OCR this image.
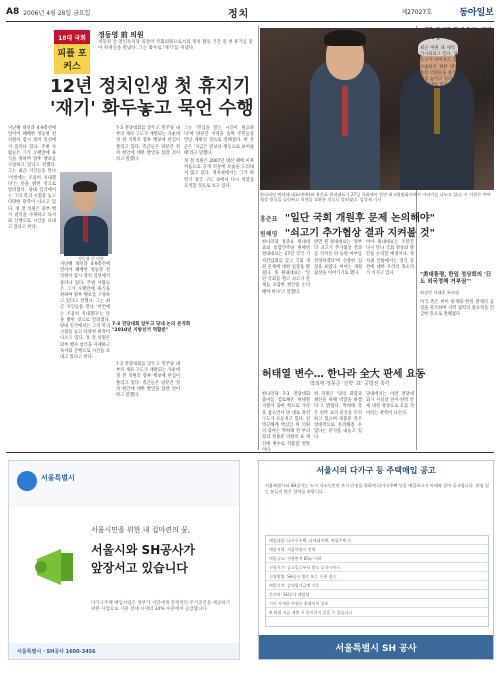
A8 2006년 4월 28일 금요일	정치	제27027호	동아일보
18대 국회
피플 포커스
정동영 前 의원
정동영 전 열린우리당 의장이 국회의원으로서의 정치 활동 기간 중 첫 휴가를 맞아 취재진을 만났다. 그는 화두로 '재기'를 꺼냈다.
12년 정치인생 첫 휴지기
'재기' 화두놓고 묵언 수행

지난해 대선과 4·9총선에 연이어 패배한 정동영 전 의원이 잠시 정치 일선에서 물러나 있다. 주변 사람들은 그가 오랜만에 휴식을 취하며 향후 행보를 구상하고 있다고 전했다. 그는 최근 지인들을 만나 '이번에는 조용히 지내겠다'는 뜻을 밝힌 것으로 알려졌다. 당내 일각에서는 그의 복귀 시점을 놓고 다양한 관측이 나오고 있다. 정 전 의원은 외부 행사 참석을 자제하고 독서와 산행으로 시간을 보내고 있다고 한다.

7·3 전당대회를 앞두고 민주당 내부의 계파 구도가 재편되는 가운데 정 전 의원의 향후 행보에 관심이 쏠리고 있다. 측근들은 당분간 정치 현안에 대한 발언을 삼갈 것이라고 말했다.

그는 '민심을 읽는 시간이 필요하다'며 당분간 지역을 돌며 주민들을 만날 계획인 것으로 전해졌다. 한 측근은 '지금은 말보다 행동으로 보여줄 때'라고 말했다.

정 전 의원은 2007년 대선 패배 이후 처음으로 공개 석상에 모습을 드러내지 않고 있다. 정치권에서는 그가 하반기 정국 구도 속에서 다시 역할을 모색할 것으로 보고 있다.

지난해 대선과 4·9총선에 연이어 패배한 정동영 전 의원이 잠시 정치 일선에서 물러나 있다. 주변 사람들은 그가 오랜만에 휴식을 취하며 향후 행보를 구상하고 있다고 전했다. 그는 최근 지인들을 만나 '이번에는 조용히 지내겠다'는 뜻을 밝힌 것으로 알려졌다. 당내 일각에서는 그의 복귀 시점을 놓고 다양한 관측이 나오고 있다. 정 전 의원은 외부 행사 참석을 자제하고 독서와 산행으로 시간을 보내고 있다고 한다.

7·3 전당대회를 앞두고 민주당 내부의 계파 구도가 재편되는 가운데 정 전 의원의 향후 행보에 관심이 쏠리고 있다. 측근들은 당분간 정치 현안에 대한 발언을 삼갈 것이라고 말했다.

정동영 전 의원
7·3 전당대회 앞두고 당내 논의 본격화
"2010년 지방선거 역할론"
한나라당 박희태 대표(왼쪽)와 홍준표 원내대표가 27일 국회에서 열린 최고위원회의에서 이야기를 나누고 있다. 두 사람은 여야 협상 방식을 둘러싸고 의견을 교환한 것으로 알려졌다. 김경제 기자
홍준표 "일단 국회 개원후 문제 논의해야"
원혜영 "쇠고기 추가협상 결과 지켜볼 것"

한나라당 홍준표 원내대표와 통합민주당 원혜영 원내대표는 27일 각각 기자간담회를 갖고 국회 개원 문제에 대한 입장을 밝혔다. 홍 원내대표는 '일단 국회를 열고 쇠고기 문제를 포함한 현안을 논의해야 한다'고 말했다.

반면 원 원내대표는 '정부의 쇠고기 추가협상 결과를 지켜본 뒤 등원 여부를 결정하겠다'며 신중한 입장을 보였다. 여야는 개원 협상을 이어가기로 했다.

여야 원내대표는 조만간 다시 만나 국회 정상화 방안을 논의할 예정이다. 정치권 안팎에서는 장기 공전에 대한 우려의 목소리가 커지고 있다.

허태열 변수… 한나라 全大 판세 요동
박희태·정몽준 '진박' 표' 공방전 촉각

한나라당 7·3 전당대회 출마를 검토해온 허태열 의원이 출마 쪽으로 가닥을 잡으면서 당 대표 경선 구도가 요동치고 있다. 친박근혜계 핵심인 허 의원의 출마는 박희태 전 부의장과 정몽준 의원의 표 계산에 변수로 작용할 전망이다.

허 의원은 '당의 화합과 쇄신을 위해 역할을 하겠다'고 밝혔다. 박희태 측은 친박 표의 분산을 우려하고 있으며 정몽준 측은 상대적으로 유리해질 수 있다는 분석을 내놓고 있다.

당내에서는 이번 전당대회가 사실상 친이·친박 간 세 대결 양상으로 흐를 것이라는 관측이 나온다.

"제주 포기론 한때 우려" 분리된 20명 '세력 반납'

최근 여권 내 세력 구도 재편 움직임이 가시화되고 있다. 당내 일각에서는 쇄신 요구가 이어지고 있으며 지도부는 이를 수습하기 위한 방안을 고심하고 있다. 초선 의원들을 중심으로 한 모임도 목소리를 높이고 있다. 한 재선 의원은 '민심을 제대로 읽지 못했다'고 말했다.

"美대통령, 한일 정상회의 '日도 외국정책 거부권'"
워싱턴 이태훈 특파원

미국 측은 한미 관계와 한일 관계의 균형을 강조하며 지역 협력의 중요성을 언급한 것으로 전해졌다.

서울특별시
서울시민을 위한 내 집마련의 꿈,
서울시와 SH공사가
앞장서고 있습니다
다가구주택 매입사업은 정부가 서민에게 안정적인 주거공간을 제공하기 위한 사업으로 시중 전세 시세의 30% 수준에서 공급합니다.
서울특별시 · SH공사 1600-3456
서울시의 다가구 등 주택매입 공고
서울특별시와 SH공사는 도시 저소득층의 주거 안정을 위하여 다가구주택 등을 매입하고자 아래와 같이 공고합니다. 관심 있는 분들의 많은 참여를 바랍니다.
매입대상: 다가구주택, 다세대주택, 연립주택 등
매입지역: 서울특별시 전역
매입규모: 전용면적 85㎡ 이하
신청기간: 공고일로부터 별도 공지시까지
신청방법: SH공사 방문 또는 우편 접수
매입가격: 감정평가금액 기준
문의처: SH공사 매입팀
기타 자세한 사항은 홈페이지 참조
※ 허위 서류 제출 시 불이익이 있을 수 있습니다
서울특별시 SH 공사
